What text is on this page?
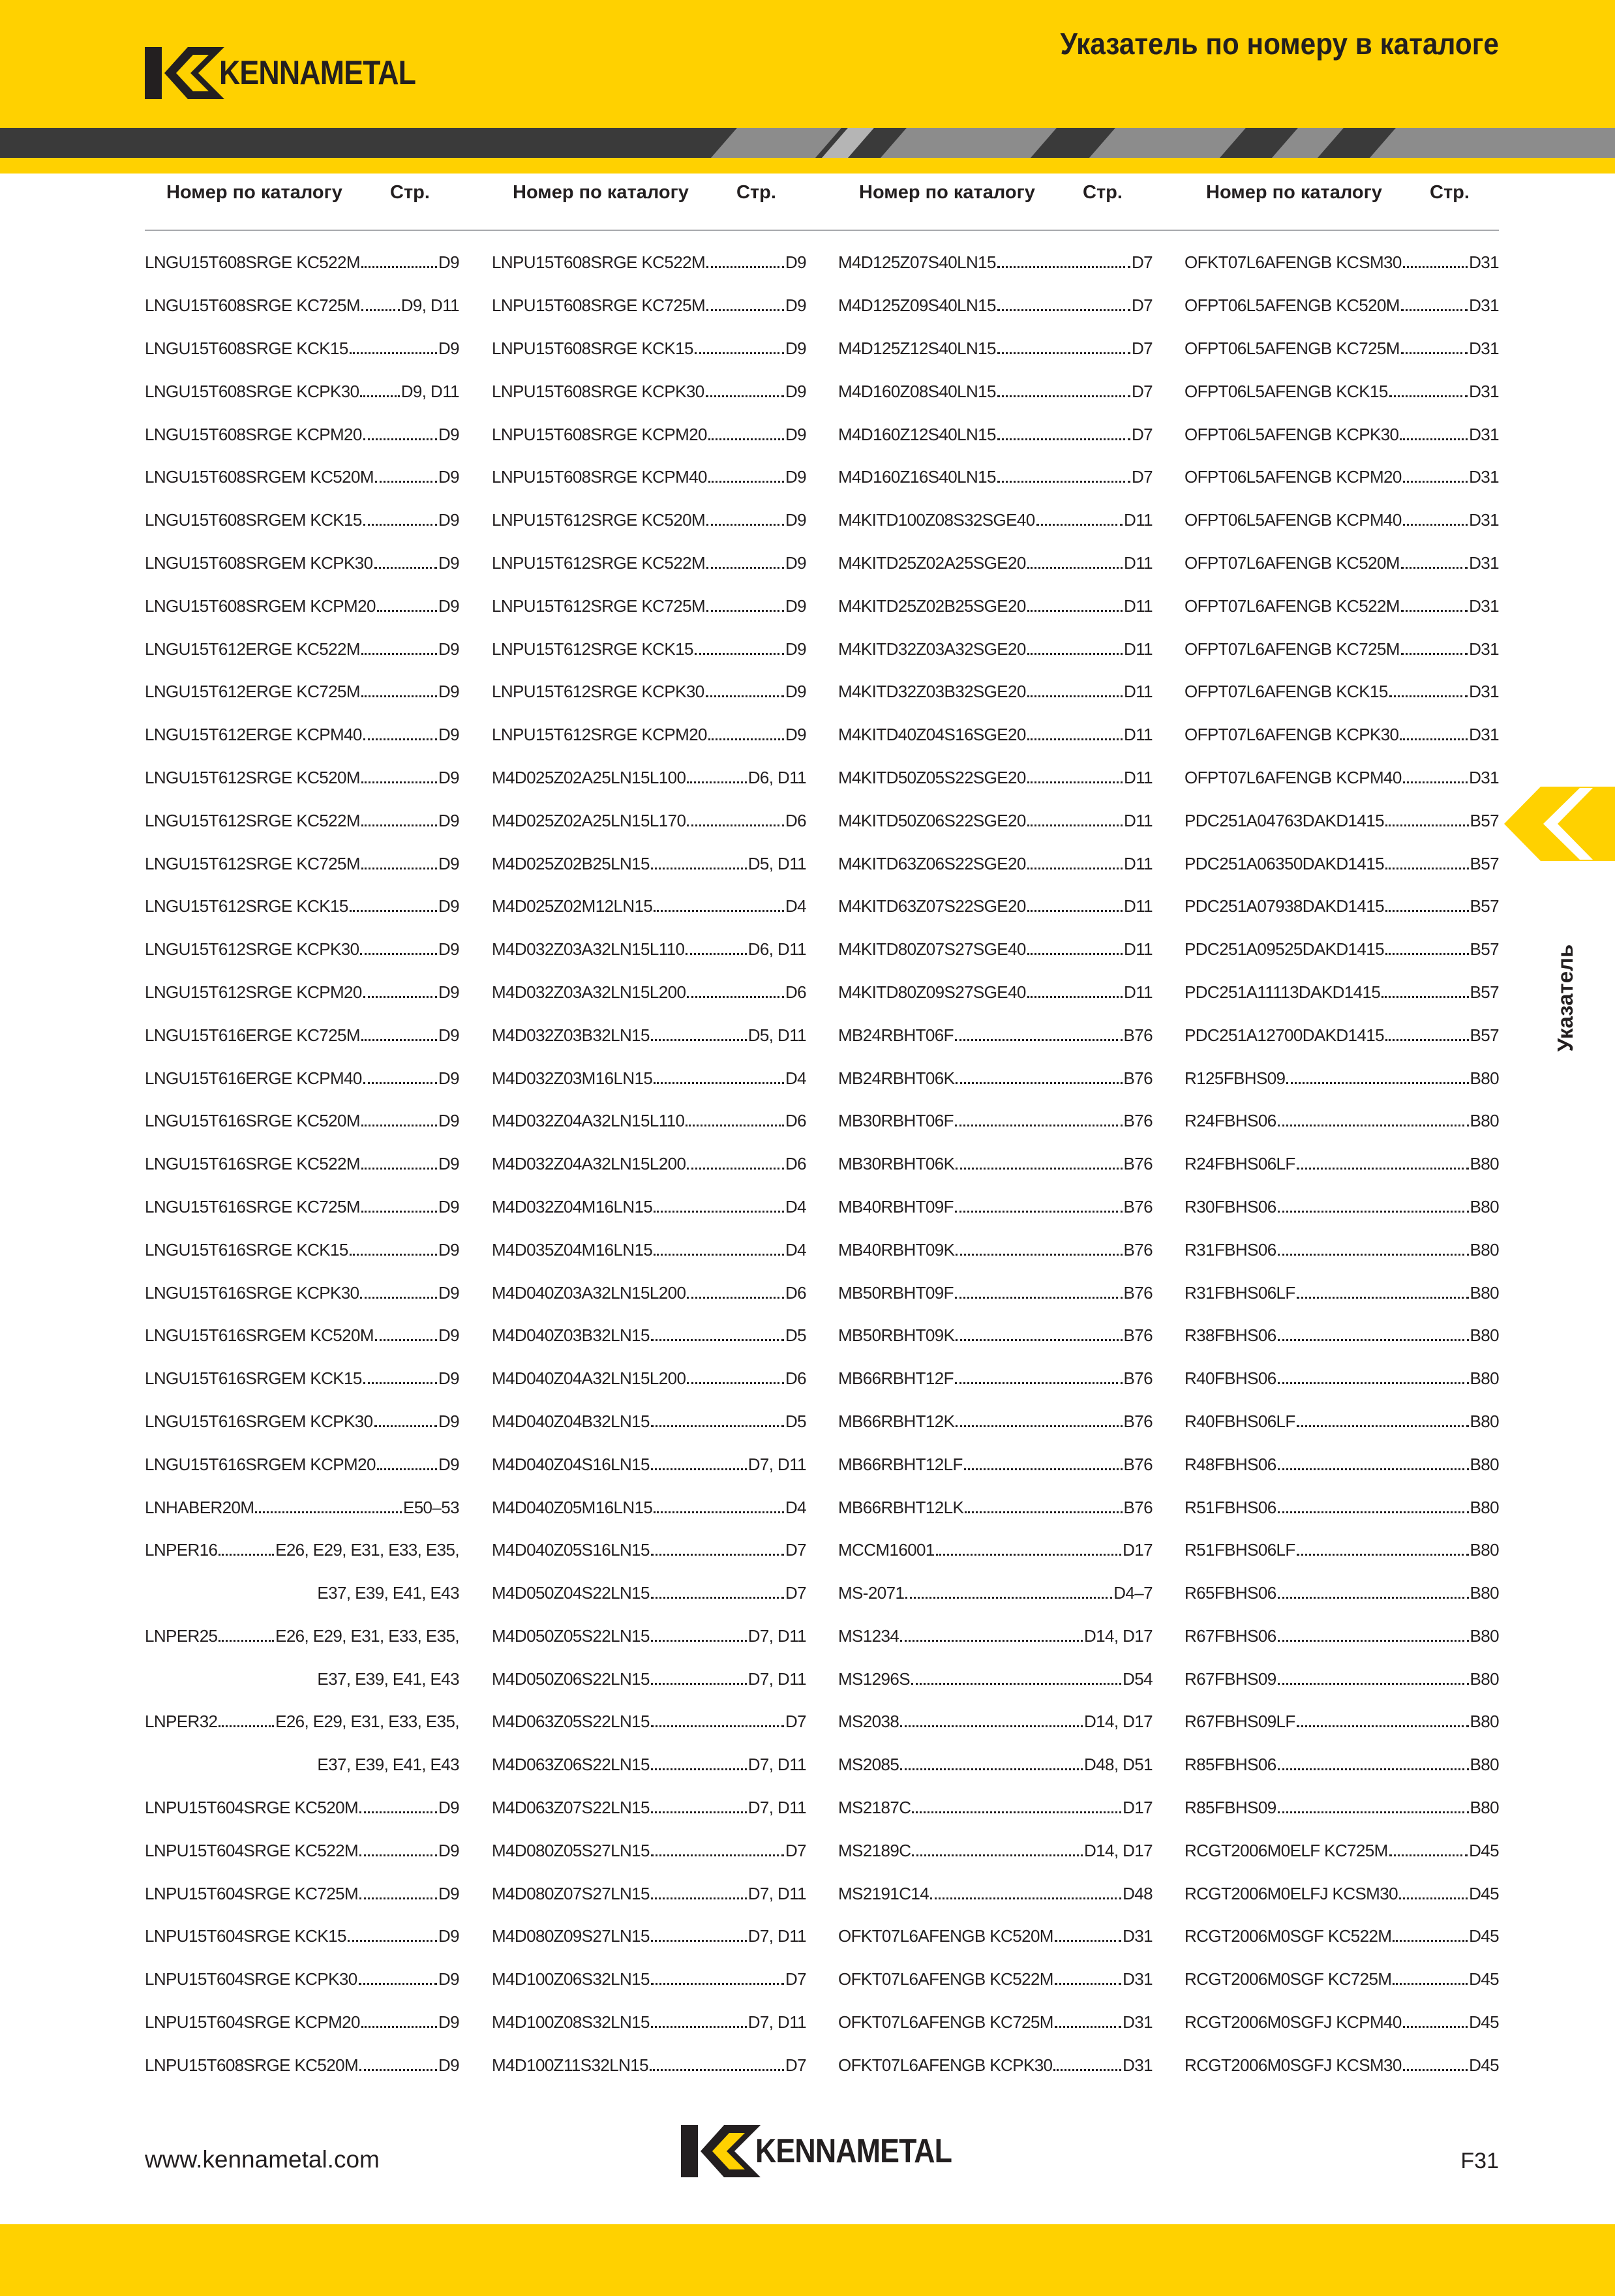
KENNAMETAL
Указатель по номеру в каталоге
Номер по каталогу	Стр.	Номер по каталогу	Стр.	Номер по каталогу	Стр.	Номер по каталогу	Стр.
LNGU15T608SRGE KC522M	D9
LNGU15T608SRGE KC725M D9, D11
LNGU15T608SRGE KCK15	D9
LNGU15T608SRGE KCPK30 D9, D11
LNGU15T608SRGE KCPM20	D9
LNGU15T608SRGEM KC520M	D9
LNGU15T608SRGEM KCK15	D9
LNGU15T608SRGEM KCPK30	D9
LNGU15T608SRGEM KCPM20	D9
LNGU15T612ERGE KC522M	D9
LNGU15T612ERGE KC725M	D9
LNGU15T612ERGE KCPM40	D9
LNGU15T612SRGE KC520M	D9
LNGU15T612SRGE KC522M	D9
LNGU15T612SRGE KC725M	D9
LNGU15T612SRGE KCK15	D9
LNGU15T612SRGE KCPK30	D9
LNGU15T612SRGE KCPM20	D9
LNGU15T616ERGE KC725M	D9
LNGU15T616ERGE KCPM40	D9
LNGU15T616SRGE KC520M	D9
LNGU15T616SRGE KC522M	D9
LNGU15T616SRGE KC725M	D9
LNGU15T616SRGE KCK15	D9
LNGU15T616SRGE KCPK30	D9
LNGU15T616SRGEM KC520M	D9
LNGU15T616SRGEM KCK15	D9
LNGU15T616SRGEM KCPK30	D9
LNGU15T616SRGEM KCPM20	D9
LNHABER20M	E50–53
LNPER16	E26, E29, E31, E33, E35,
E37, E39, E41, E43
LNPER25	E26, E29, E31, E33, E35,
E37, E39, E41, E43
LNPER32	E26, E29, E31, E33, E35,
E37, E39, E41, E43
LNPU15T604SRGE KC520M	D9
LNPU15T604SRGE KC522M	D9
LNPU15T604SRGE KC725M	D9
LNPU15T604SRGE KCK15	D9
LNPU15T604SRGE KCPK30	D9
LNPU15T604SRGE KCPM20	D9
LNPU15T608SRGE KC520M	D9
LNPU15T608SRGE KC522M	D9
LNPU15T608SRGE KC725M	D9
LNPU15T608SRGE KCK15	D9
LNPU15T608SRGE KCPK30	D9
LNPU15T608SRGE KCPM20	D9
LNPU15T608SRGE KCPM40	D9
LNPU15T612SRGE KC520M	D9
LNPU15T612SRGE KC522M	D9
LNPU15T612SRGE KC725M	D9
LNPU15T612SRGE KCK15	D9
LNPU15T612SRGE KCPK30	D9
LNPU15T612SRGE KCPM20	D9
M4D025Z02A25LN15L100	D6, D11
M4D025Z02A25LN15L170	D6
M4D025Z02B25LN15	D5, D11
M4D025Z02M12LN15	D4
M4D032Z03A32LN15L110	D6, D11
M4D032Z03A32LN15L200	D6
M4D032Z03B32LN15	D5, D11
M4D032Z03M16LN15	D4
M4D032Z04A32LN15L110	D6
M4D032Z04A32LN15L200	D6
M4D032Z04M16LN15	D4
M4D035Z04M16LN15	D4
M4D040Z03A32LN15L200	D6
M4D040Z03B32LN15	D5
M4D040Z04A32LN15L200	D6
M4D040Z04B32LN15	D5
M4D040Z04S16LN15	D7, D11
M4D040Z05M16LN15	D4
M4D040Z05S16LN15	D7
M4D050Z04S22LN15	D7
M4D050Z05S22LN15	D7, D11
M4D050Z06S22LN15	D7, D11
M4D063Z05S22LN15	D7
M4D063Z06S22LN15	D7, D11
M4D063Z07S22LN15	D7, D11
M4D080Z05S27LN15	D7
M4D080Z07S27LN15	D7, D11
M4D080Z09S27LN15	D7, D11
M4D100Z06S32LN15	D7
M4D100Z08S32LN15	D7, D11
M4D100Z11S32LN15	D7
M4D125Z07S40LN15	D7
M4D125Z09S40LN15	D7
M4D125Z12S40LN15	D7
M4D160Z08S40LN15	D7
M4D160Z12S40LN15	D7
M4D160Z16S40LN15	D7
M4KITD100Z08S32SGE40	D11
M4KITD25Z02A25SGE20	D11
M4KITD25Z02B25SGE20	D11
M4KITD32Z03A32SGE20	D11
M4KITD32Z03B32SGE20	D11
M4KITD40Z04S16SGE20	D11
M4KITD50Z05S22SGE20	D11
M4KITD50Z06S22SGE20	D11
M4KITD63Z06S22SGE20	D11
M4KITD63Z07S22SGE20	D11
M4KITD80Z07S27SGE40	D11
M4KITD80Z09S27SGE40	D11
MB24RBHT06F	B76
MB24RBHT06K	B76
MB30RBHT06F	B76
MB30RBHT06K	B76
MB40RBHT09F	B76
MB40RBHT09K	B76
MB50RBHT09F	B76
MB50RBHT09K	B76
MB66RBHT12F	B76
MB66RBHT12K	B76
MB66RBHT12LF	B76
MB66RBHT12LK	B76
MCCM16001	D17
MS-2071	D4–7
MS1234	D14, D17
MS1296S	D54
MS2038	D14, D17
MS2085	D48, D51
MS2187C	D17
MS2189C	D14, D17
MS2191C14	D48
OFKT07L6AFENGB KC520M	D31
OFKT07L6AFENGB KC522M	D31
OFKT07L6AFENGB KC725M	D31
OFKT07L6AFENGB KCPK30	D31
OFKT07L6AFENGB KCSM30	D31
OFPT06L5AFENGB KC520M	D31
OFPT06L5AFENGB KC725M	D31
OFPT06L5AFENGB KCK15	D31
OFPT06L5AFENGB KCPK30	D31
OFPT06L5AFENGB KCPM20	D31
OFPT06L5AFENGB KCPM40	D31
OFPT07L6AFENGB KC520M	D31
OFPT07L6AFENGB KC522M	D31
OFPT07L6AFENGB KC725M	D31
OFPT07L6AFENGB KCK15	D31
OFPT07L6AFENGB KCPK30	D31
OFPT07L6AFENGB KCPM40	D31
PDC251A04763DAKD1415	B57
PDC251A06350DAKD1415	B57
PDC251A07938DAKD1415	B57
PDC251A09525DAKD1415	B57
PDC251A11113DAKD1415	B57
PDC251A12700DAKD1415	B57
R125FBHS09	B80
R24FBHS06	B80
R24FBHS06LF	B80
R30FBHS06	B80
R31FBHS06	B80
R31FBHS06LF	B80
R38FBHS06	B80
R40FBHS06	B80
R40FBHS06LF	B80
R48FBHS06	B80
R51FBHS06	B80
R51FBHS06LF	B80
R65FBHS06	B80
R67FBHS06	B80
R67FBHS09	B80
R67FBHS09LF	B80
R85FBHS06	B80
R85FBHS09	B80
RCGT2006M0ELF KC725M	D45
RCGT2006M0ELFJ KCSM30	D45
RCGT2006M0SGF KC522M	D45
RCGT2006M0SGF KC725M	D45
RCGT2006M0SGFJ KCPM40	D45
RCGT2006M0SGFJ KCSM30	D45
Указатель
www.kennametal.com	KENNAMETAL	F31
